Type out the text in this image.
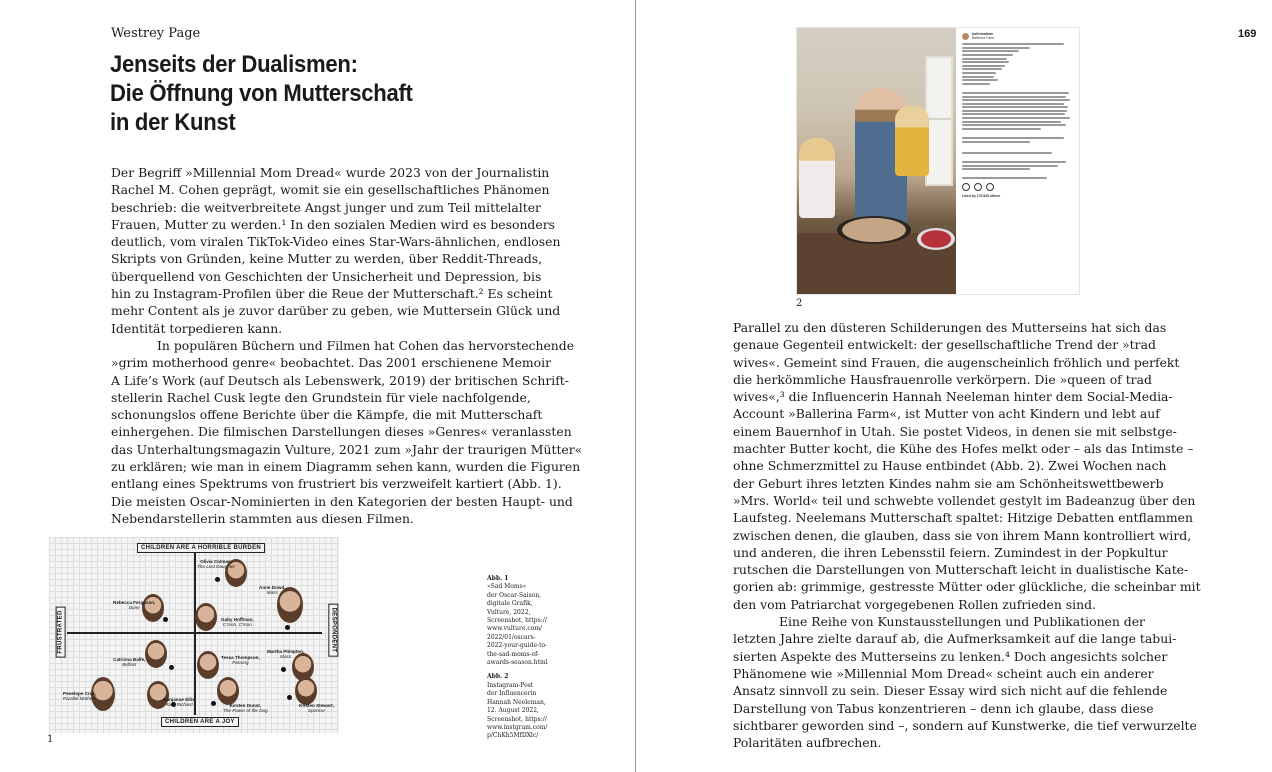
Westrey Page
Jenseits der Dualismen:
Die Öffnung von Mutterschaft
in der Kunst
Der Begriff »Millennial Mom Dread« wurde 2023 von der Journalistin
Rachel M. Cohen geprägt, womit sie ein gesellschaftliches Phänomen
beschrieb: die weitverbreitete Angst junger und zum Teil mittelalter
Frauen, Mutter zu werden.¹ In den sozialen Medien wird es besonders
deutlich, vom viralen TikTok-Video eines Star-Wars-ähnlichen, endlosen
Skripts von Gründen, keine Mutter zu werden, über Reddit-Threads,
überquellend von Geschichten der Unsicherheit und Depression, bis
hin zu Instagram-Profilen über die Reue der Mutterschaft.² Es scheint
mehr Content als je zuvor darüber zu geben, wie Muttersein Glück und
Identität torpedieren kann.
In populären Büchern und Filmen hat Cohen das hervorstechende
»grim motherhood genre« beobachtet. Das 2001 erschienene Memoir
A Life’s Work (auf Deutsch als Lebenswerk, 2019) der britischen Schrift-
stellerin Rachel Cusk legte den Grundstein für viele nachfolgende,
schonungslos offene Berichte über die Kämpfe, die mit Mutterschaft
einhergehen. Die filmischen Darstellungen dieses »Genres« veranlassten
das Unterhaltungsmagazin Vulture, 2021 zum »Jahr der traurigen Mütter«
zu erklären; wie man in einem Diagramm sehen kann, wurden die Figuren
entlang eines Spektrums von frustriert bis verzweifelt kartiert (Abb. 1).
Die meisten Oscar-Nominierten in den Kategorien der besten Haupt- und
Nebendarstellerin stammten aus diesen Filmen.
CHILDREN ARE A HORRIBLE BURDEN
CHILDREN ARE A JOY
FRUSTRATED	DESPONDENT
Olivia Colman,
The Lost Daughter
Rebecca Ferguson,
Dune
Gaby Hoffman,
C'mon, C'mon
Anne Dowd,
Mass
Catriona Balfe,
Belfast
Tessa Thompson,
Passing
Martha Plimpton,
Mass
Penelope Cruz,
Parallel Mothers	Aunjanue Ellis,
King Richard	Kirsten Dunst,
The Power of the Dog
Kristen Stewart,
Spencer
1
Abb. 1
»Sad Moms«
der Oscar-Saison,
digitale Grafik,
Vulture, 2022,
Screenshot, https://
www.vulture.com/
2022/01/oscars-
2022-your-guide-to-
the-sad-moms-of-
awards-season.html
Abb. 2
Instagram-Post
der Influencerin
Hannah Neeleman,
12. August 2022,
Screenshot, https://
www.instgram.com/
p/ChKh5MfDXlc/
169
ballerinafarm
Ballerina Farm
Liked by 170,526 others
2
Parallel zu den düsteren Schilderungen des Mutterseins hat sich das
genaue Gegenteil entwickelt: der gesellschaftliche Trend der »trad
wives«. Gemeint sind Frauen, die augenscheinlich fröhlich und perfekt
die herkömmliche Hausfrauenrolle verkörpern. Die »queen of trad
wives«,³ die Influencerin Hannah Neeleman hinter dem Social-Media-
Account »Ballerina Farm«, ist Mutter von acht Kindern und lebt auf
einem Bauernhof in Utah. Sie postet Videos, in denen sie mit selbstge-
machter Butter kocht, die Kühe des Hofes melkt oder – als das Intimste –
ohne Schmerzmittel zu Hause entbindet (Abb. 2). Zwei Wochen nach
der Geburt ihres letzten Kindes nahm sie am Schönheitswettbewerb
»Mrs. World« teil und schwebte vollendet gestylt im Badeanzug über den
Laufsteg. Neelemans Mutterschaft spaltet: Hitzige Debatten entflammen
zwischen denen, die glauben, dass sie von ihrem Mann kontrolliert wird,
und anderen, die ihren Lebensstil feiern. Zumindest in der Popkultur
rutschen die Darstellungen von Mutterschaft leicht in dualistische Kate-
gorien ab: grimmige, gestresste Mütter oder glückliche, die scheinbar mit
den vom Patriarchat vorgegebenen Rollen zufrieden sind.
Eine Reihe von Kunstausstellungen und Publikationen der
letzten Jahre zielte darauf ab, die Aufmerksamkeit auf die lange tabui-
sierten Aspekte des Mutterseins zu lenken.⁴ Doch angesichts solcher
Phänomene wie »Millennial Mom Dread« scheint auch ein anderer
Ansatz sinnvoll zu sein. Dieser Essay wird sich nicht auf die fehlende
Darstellung von Tabus konzentrieren – denn ich glaube, dass diese
sichtbarer geworden sind –, sondern auf Kunstwerke, die tief verwurzelte
Polaritäten aufbrechen.
